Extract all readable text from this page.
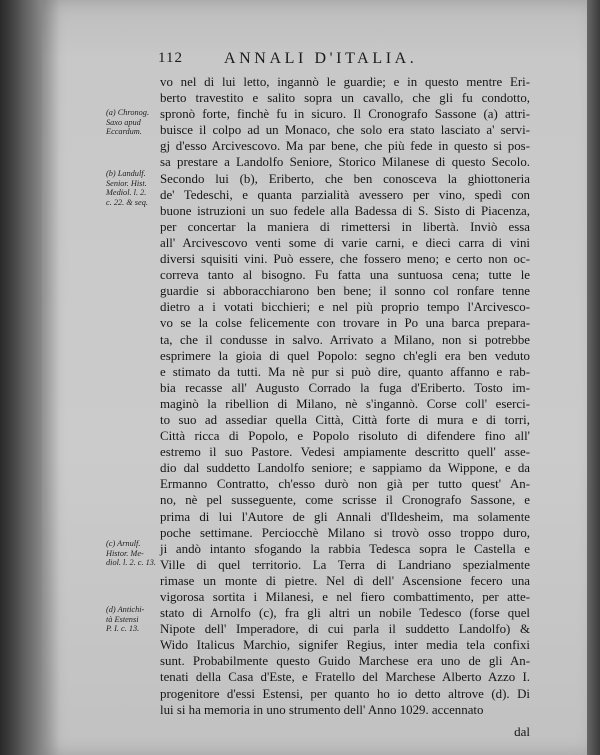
112	ANNALI D'ITALIA.
(a) Chronog.
Saxo apud
Eccardum.
(b) Landulf.
Senior. Hist.
Mediol. l. 2.
c. 22. & seq.
(c) Arnulf.
Histor. Me-
diol. l. 2. c. 13.
(d) Antichi-
tà Estensi
P. I. c. 13.
vo nel di lui letto, ingannò le guardie; e in questo mentre Eri-
berto travestito e salito sopra un cavallo, che gli fu condotto,
spronò forte, finchè fu in sicuro. Il Cronografo Sassone (a) attri-
buisce il colpo ad un Monaco, che solo era stato lasciato a' servi-
gj d'esso Arcivescovo. Ma par bene, che più fede in questo si pos-
sa prestare a Landolfo Seniore, Storico Milanese di questo Secolo.
Secondo lui (b), Eriberto, che ben conosceva la ghiottoneria
de' Tedeschi, e quanta parzialità avessero per vino, spedì con
buone istruzioni un suo fedele alla Badessa di S. Sisto di Piacenza,
per concertar la maniera di rimettersi in libertà. Inviò essa
all' Arcivescovo venti some di varie carni, e dieci carra di vini
diversi squisiti vini. Può essere, che fossero meno; e certo non oc-
correva tanto al bisogno. Fu fatta una suntuosa cena; tutte le
guardie si abboracchiarono ben bene; il sonno col ronfare tenne
dietro a i votati bicchieri; e nel più proprio tempo l'Arcivesco-
vo se la colse felicemente con trovare in Po una barca prepara-
ta, che il condusse in salvo. Arrivato a Milano, non si potrebbe
esprimere la gioia di quel Popolo: segno ch'egli era ben veduto
e stimato da tutti. Ma nè pur si può dire, quanto affanno e rab-
bia recasse all' Augusto Corrado la fuga d'Eriberto. Tosto im-
maginò la ribellion di Milano, nè s'ingannò. Corse coll' eserci-
to suo ad assediar quella Città, Città forte di mura e di torri,
Città ricca di Popolo, e Popolo risoluto di difendere fino all'
estremo il suo Pastore. Vedesi ampiamente descritto quell' asse-
dio dal suddetto Landolfo seniore; e sappiamo da Wippone, e da
Ermanno Contratto, ch'esso durò non già per tutto quest' An-
no, nè pel susseguente, come scrisse il Cronografo Sassone, e
prima di lui l'Autore de gli Annali d'Ildesheim, ma solamente
poche settimane. Perciocchè Milano si trovò osso troppo duro,
ji andò intanto sfogando la rabbia Tedesca sopra le Castella e
Ville di quel territorio. La Terra di Landriano spezialmente
rimase un monte di pietre. Nel dì dell' Ascensione fecero una
vigorosa sortita i Milanesi, e nel fiero combattimento, per atte-
stato di Arnolfo (c), fra gli altri un nobile Tedesco (forse quel
Nipote dell' Imperadore, di cui parla il suddetto Landolfo) &
Wido Italicus Marchio, signifer Regius, inter media tela confixi
sunt. Probabilmente questo Guido Marchese era uno de gli An-
tenati della Casa d'Este, e Fratello del Marchese Alberto Azzo I.
progenitore d'essi Estensi, per quanto ho io detto altrove (d). Di
lui si ha memoria in uno strumento dell' Anno 1029. accennato
dal
